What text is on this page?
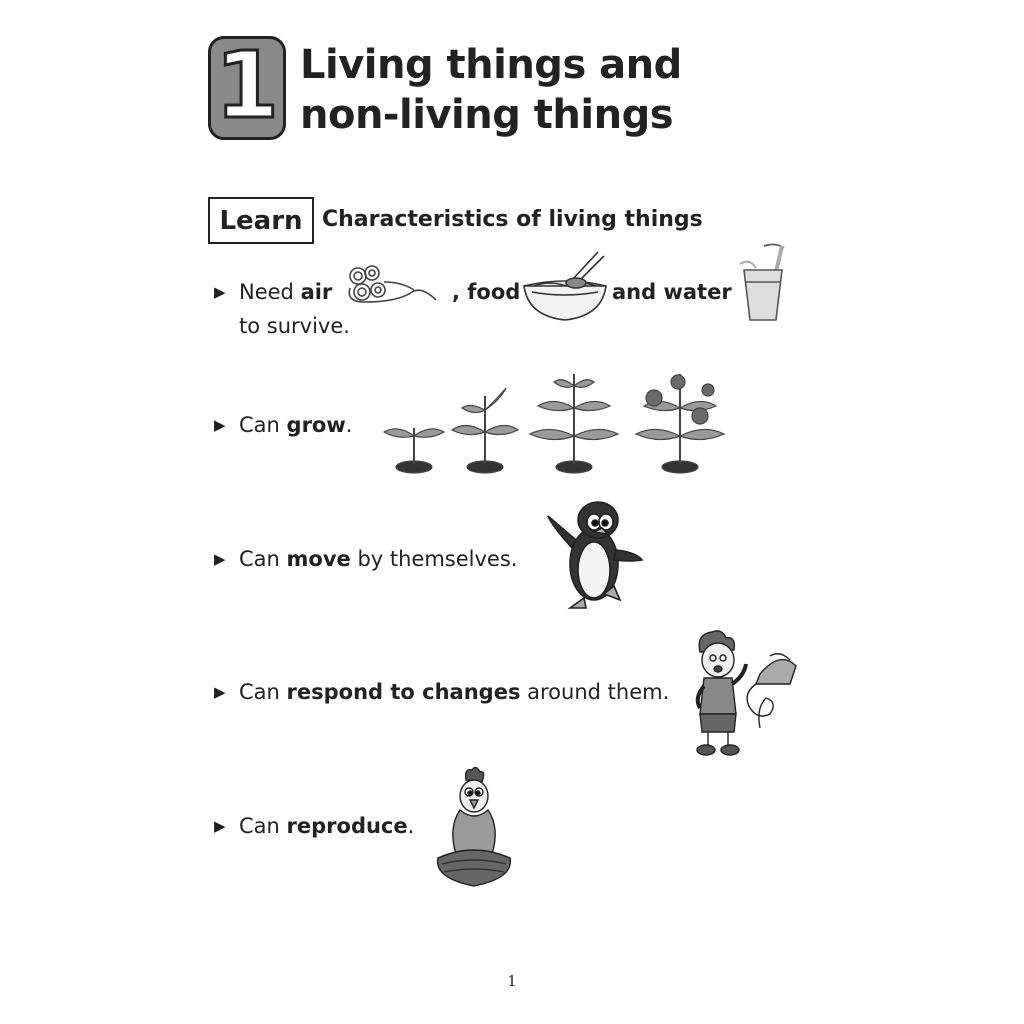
1 Living things and
non-living things
Learn Characteristics of living things
▶ Need air	, food	and water
to survive.
▶ Can grow.
▶ Can move by themselves.
▶ Can respond to changes around them.
▶ Can reproduce.
1
